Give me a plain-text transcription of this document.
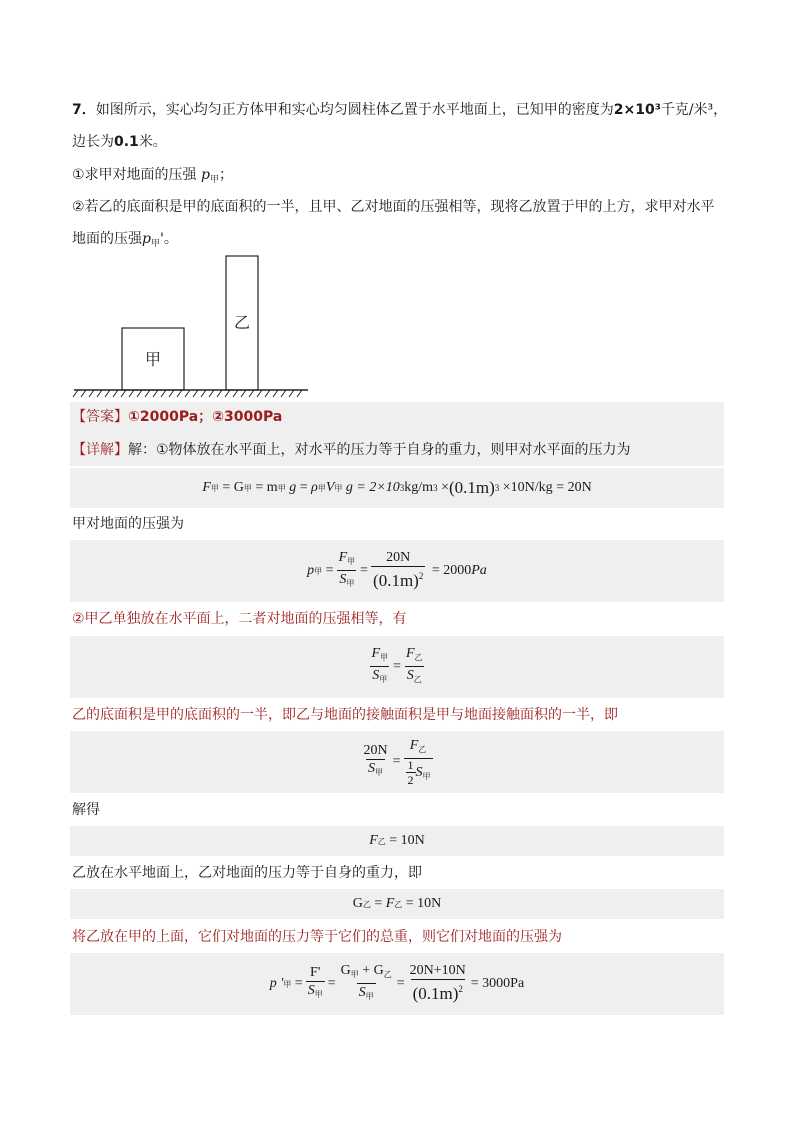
7．如图所示，实心均匀正方体甲和实心均匀圆柱体乙置于水平地面上，已知甲的密度为2×10³千克/米³，
边长为0.1米。
①求甲对地面的压强 $p_甲$；
②若乙的底面积是甲的底面积的一半，且甲、乙对地面的压强相等，现将乙放置于甲的上方，求甲对水平
地面的压强$p_甲'$。
甲
乙
【答案】①2000Pa；②3000Pa
【详解】解：①物体放在水平面上，对水平的压力等于自身的重力，则甲对水平面的压力为
F 甲
= G 甲
= m 甲
g = ρ 甲 V 甲
g = 2×10 3 kg/m 3
× (0.1m) 3
×10N/kg = 20N
甲对地面的压强为
p 甲 = $\frac{F_甲}{S_甲} = \frac{20N}{(0.1m)^2}$
= 2000 Pa
②甲乙单独放在水平面上，二者对地面的压强相等，有
$\frac{F_甲}{S_甲} = \frac{F_乙}{S_乙}$
乙的底面积是甲的底面积的一半，即乙与地面的接触面积是甲与地面接触面积的一半，即
$\frac{20N}{S_甲} = \frac{F_乙}{\frac{1}{2} S_甲}$
解得
F 乙
= 10N
乙放在水平地面上，乙对地面的压力等于自身的重力，即
G 乙 = F 乙
= 10N
将乙放在甲的上面，它们对地面的压力等于它们的总重，则它们对地面的压强为
p ' 甲 = $\frac{F'}{S_甲} = \frac{G_甲 + G_乙}{S_甲} = \frac{20N+10N}{(0.1m)^2} = 3000Pa$
